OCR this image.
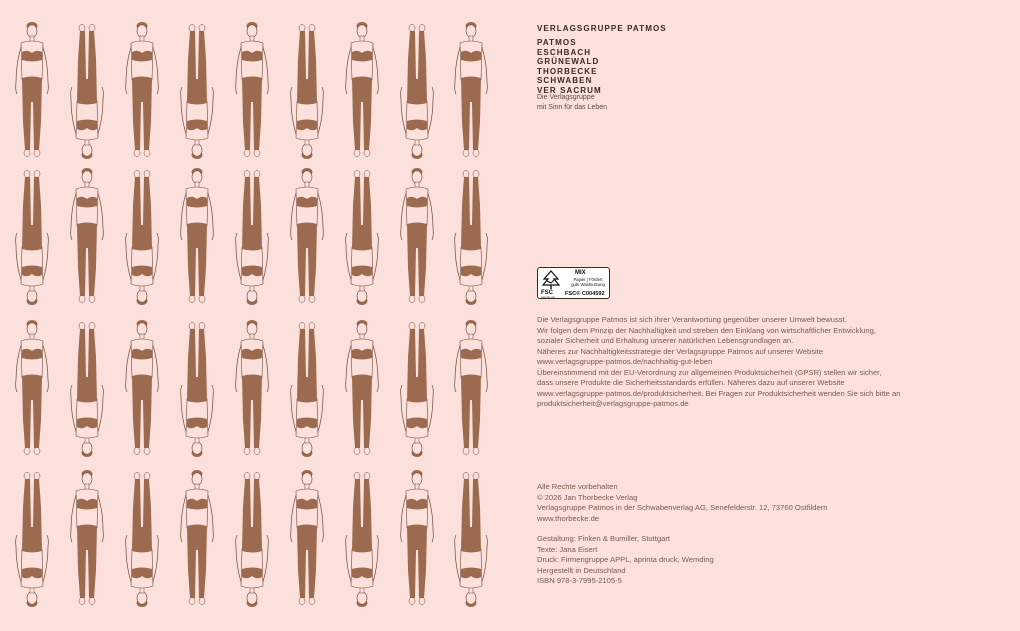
VERLAGSGRUPPE PATMOS
PATMOS
ESCHBACH
GRÜNEWALD
THORBECKE
SCHWABEN
VER SACRUM
Die Verlagsgruppe
mit Sinn für das Leben
FSC
www.fsc.org
MIX
Papier | Fördert
gute Waldnutzung
FSC® C004592
Die Verlagsgruppe Patmos ist sich ihrer Verantwortung gegenüber unserer Umwelt bewusst.
Wir folgen dem Prinzip der Nachhaltigkeit und streben den Einklang von wirtschaftlicher Entwicklung,
sozialer Sicherheit und Erhaltung unserer natürlichen Lebensgrundlagen an.
Näheres zur Nachhaltigkeitsstrategie der Verlagsgruppe Patmos auf unserer Website
www.verlagsgruppe-patmos.de/nachhaltig-gut-leben
Übereinstimmend mit der EU-Verordnung zur allgemeinen Produktsicherheit (GPSR) stellen wir sicher,
dass unsere Produkte die Sicherheitsstandards erfüllen. Näheres dazu auf unserer Website
www.verlagsgruppe-patmos.de/produktsicherheit. Bei Fragen zur Produktsicherheit wenden Sie sich bitte an
produktsicherheit@verlagsgruppe-patmos.de
Alle Rechte vorbehalten
© 2026 Jan Thorbecke Verlag
Verlagsgruppe Patmos in der Schwabenverlag AG, Senefelderstr. 12, 73760 Ostfildern
www.thorbecke.de
Gestaltung: Finken & Bumiller, Stuttgart
Texte: Jana Eisert
Druck: Firmengruppe APPL, aprinta druck, Wemding
Hergestellt in Deutschland
ISBN 978-3-7995-2105-5
